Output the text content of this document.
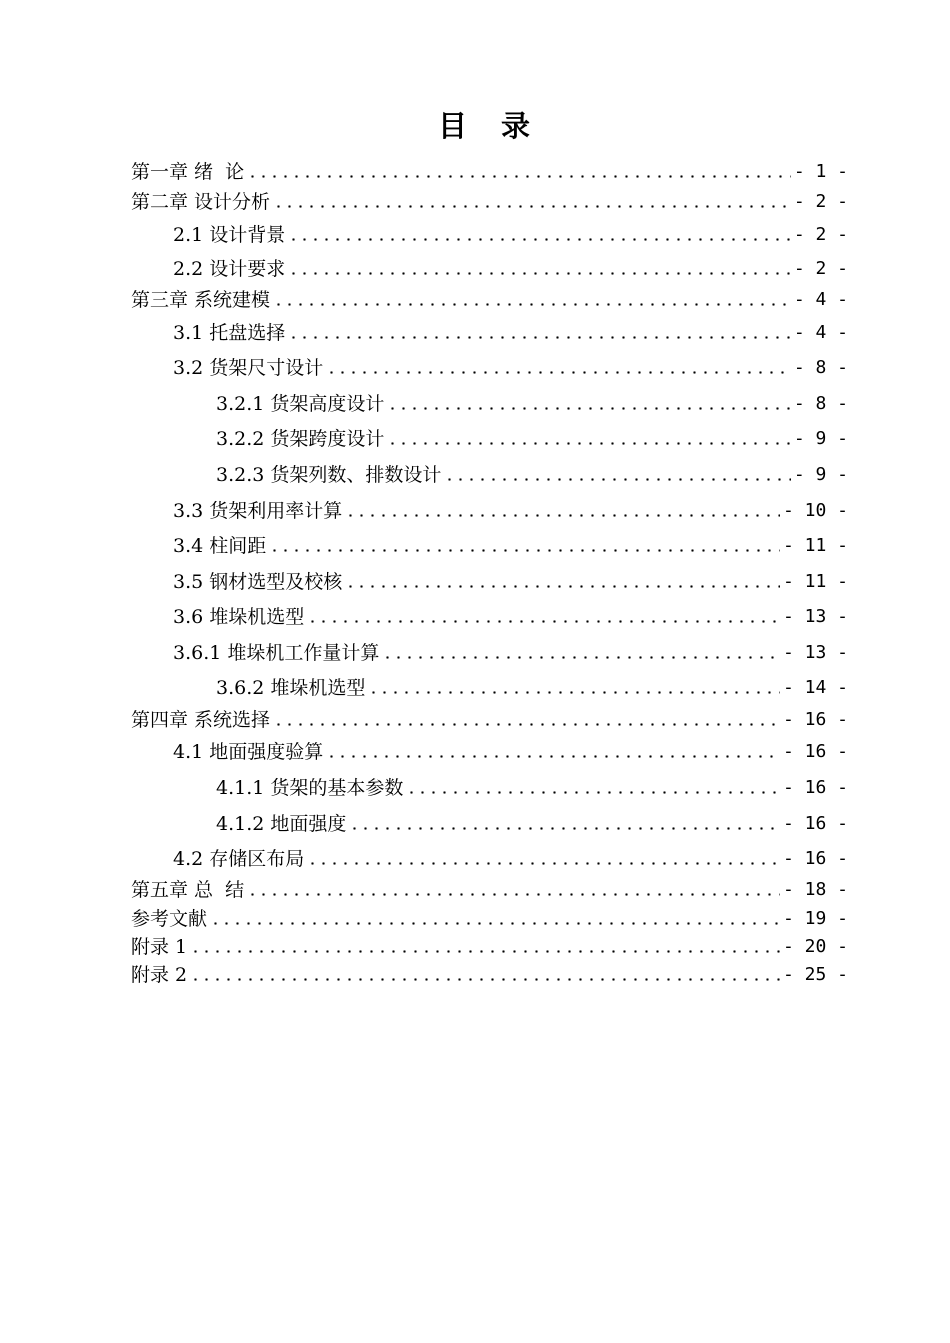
目 录
第一章 绪  论	- 1 -
第二章 设计分析	- 2 -
2.1 设计背景	- 2 -
2.2 设计要求	- 2 -
第三章 系统建模	- 4 -
3.1 托盘选择	- 4 -
3.2 货架尺寸设计	- 8 -
3.2.1 货架高度设计	- 8 -
3.2.2 货架跨度设计	- 9 -
3.2.3 货架列数、排数设计	- 9 -
3.3 货架利用率计算	- 10 -
3.4 柱间距	- 11 -
3.5 钢材选型及校核	- 11 -
3.6 堆垛机选型	- 13 -
3.6.1 堆垛机工作量计算	- 13 -
3.6.2 堆垛机选型	- 14 -
第四章 系统选择	- 16 -
4.1 地面强度验算	- 16 -
4.1.1 货架的基本参数	- 16 -
4.1.2 地面强度	- 16 -
4.2 存储区布局	- 16 -
第五章 总  结	- 18 -
参考文献	- 19 -
附录 1	- 20 -
附录 2	- 25 -
